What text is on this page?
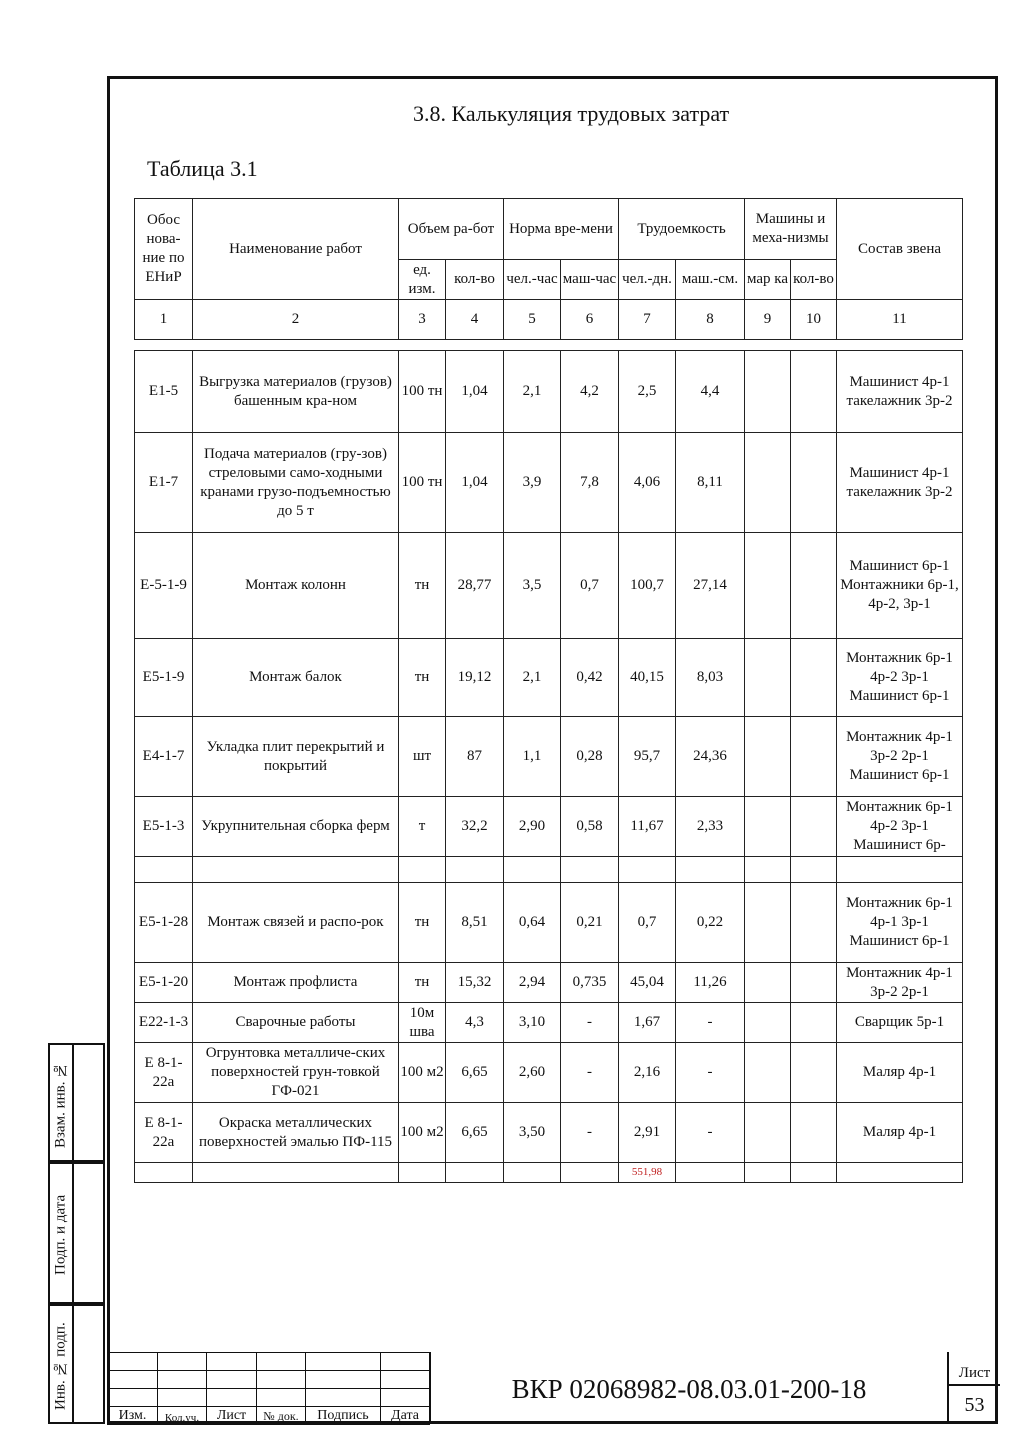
Взам. инв. №
Подп. и дата
Инв. № подп.
3.8. Калькуляция трудовых затрат
Таблица 3.1
Обос нова-ние по ЕНиР	Наименование работ	Объем ра-бот		Норма вре-мени		Трудоемкость		Машины и меха-низмы		Состав звена
		ед. изм.	кол-во	чел.-час	маш-час	чел.-дн.	маш.-см.	мар ка	кол-во	
1	2	3	4	5	6	7	8	9	10	11
Е1-5	Выгрузка материалов (грузов) башенным кра-ном	100 тн	1,04	2,1	4,2	2,5	4,4			Машинист 4р-1 такелажник 3р-2
Е1-7	Подача материалов (гру-зов) стреловыми само-ходными кранами грузо-подъемностью до 5 т	100 тн	1,04	3,9	7,8	4,06	8,11			Машинист 4р-1 такелажник 3р-2
Е-5-1-9	Монтаж колонн	тн	28,77	3,5	0,7	100,7	27,14			Машинист 6р-1 Монтажники 6р-1, 4р-2, 3р-1
Е5-1-9	Монтаж балок	тн	19,12	2,1	0,42	40,15	8,03			Монтажник 6р-1 4р-2 3р-1 Машинист 6р-1
Е4-1-7	Укладка плит перекрытий и покрытий	шт	87	1,1	0,28	95,7	24,36			Монтажник 4р-1 3р-2 2р-1 Машинист 6р-1
Е5-1-3	Укрупнительная сборка ферм	т	32,2	2,90	0,58	11,67	2,33			Монтажник 6р-1 4р-2 3р-1 Машинист 6р-

Е5-1-28	Монтаж связей и распо-рок	тн	8,51	0,64	0,21	0,7	0,22			Монтажник 6р-1 4р-1 3р-1 Машинист 6р-1
Е5-1-20	Монтаж профлиста	тн	15,32	2,94	0,735	45,04	11,26			Монтажник 4р-1 3р-2 2р-1
Е22-1-3	Сварочные работы	10м шва	4,3	3,10	-	1,67	-			Сварщик 5р-1
Е 8-1-22а	Огрунтовка металличе-ских поверхностей грун-товкой ГФ-021	100 м2	6,65	2,60	-	2,16	-			Маляр 4р-1
Е 8-1-22а	Окраска металлических поверхностей эмалью ПФ-115	100 м2	6,65	3,50	-	2,91	-			Маляр 4р-1
						551,98				

Изм.	Кол.уч.	Лист	№ док.	Подпись	Дата
ВКР 02068982-08.03.01-200-18
Лист
53
